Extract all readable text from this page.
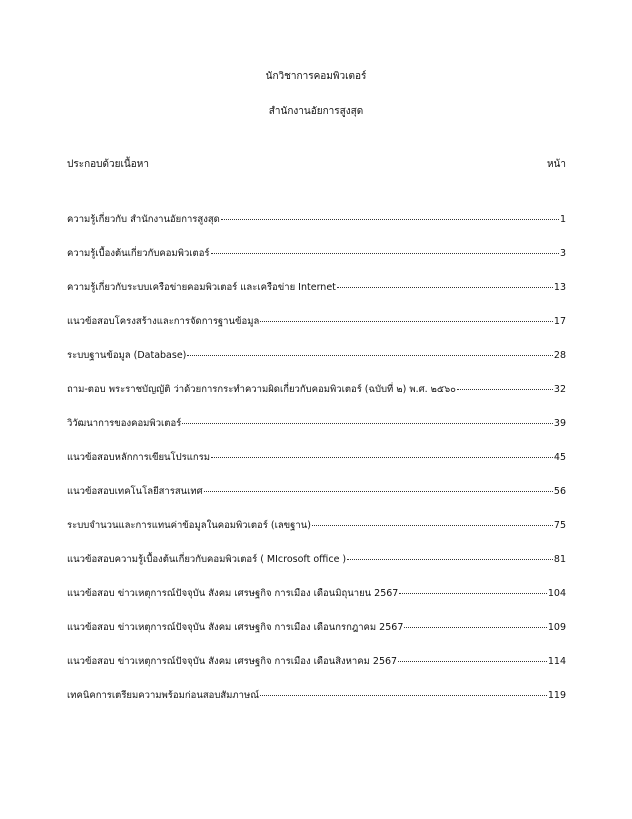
นักวิชาการคอมพิวเตอร์
สำนักงานอัยการสูงสุด
ประกอบด้วยเนื้อหา	หน้า
ความรู้เกี่ยวกับ สำนักงานอัยการสูงสุด	1
ความรู้เบื้องต้นเกี่ยวกับคอมพิวเตอร์	3
ความรู้เกี่ยวกับระบบเครือข่ายคอมพิวเตอร์ และเครือข่าย Internet	13
แนวข้อสอบโครงสร้างและการจัดการฐานข้อมูล	17
ระบบฐานข้อมูล (Database)	28
ถาม-ตอบ พระราชบัญญัติ ว่าด้วยการกระทำความผิดเกี่ยวกับคอมพิวเตอร์ (ฉบับที่ ๒) พ.ศ. ๒๕๖๐	32
วิวัฒนาการของคอมพิวเตอร์	39
แนวข้อสอบหลักการเขียนโปรแกรม	45
แนวข้อสอบเทคโนโลยีสารสนเทศ	56
ระบบจำนวนและการแทนค่าข้อมูลในคอมพิวเตอร์ (เลขฐาน)	75
แนวข้อสอบความรู้เบื้องต้นเกี่ยวกับคอมพิวเตอร์ ( MIcrosoft office )	81
แนวข้อสอบ ข่าวเหตุการณ์ปัจจุบัน สังคม เศรษฐกิจ การเมือง เดือนมิถุนายน 2567	104
แนวข้อสอบ ข่าวเหตุการณ์ปัจจุบัน สังคม เศรษฐกิจ การเมือง เดือนกรกฎาคม 2567	109
แนวข้อสอบ ข่าวเหตุการณ์ปัจจุบัน สังคม เศรษฐกิจ การเมือง เดือนสิงหาคม 2567	114
เทคนิคการเตรียมความพร้อมก่อนสอบสัมภาษณ์	119
